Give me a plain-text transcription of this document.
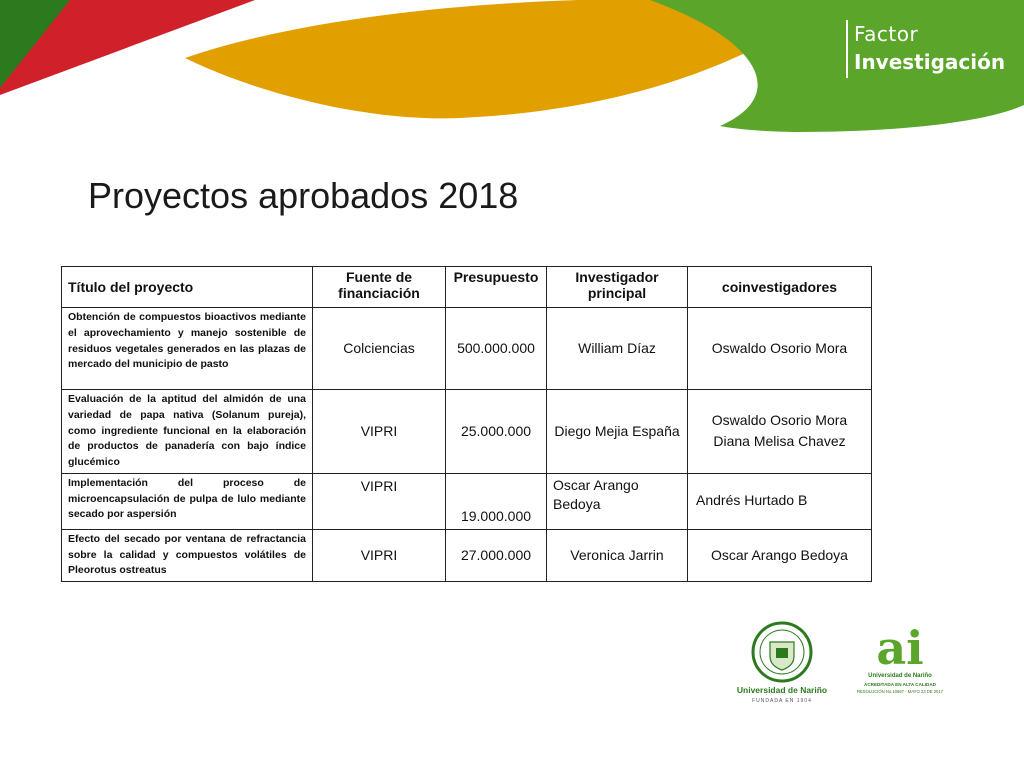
Factor
Investigación
Proyectos aprobados 2018
Título del proyecto	Fuente de financiación	Presupuesto	Investigador principal	coinvestigadores
Obtención de compuestos bioactivos mediante el aprovechamiento y manejo sostenible de residuos vegetales generados en las plazas de mercado del municipio de pasto	Colciencias	500.000.000	William Díaz	Oswaldo Osorio Mora

Evaluación de la aptitud del almidón de una variedad de papa nativa (Solanum pureja), como ingrediente funcional en la elaboración de productos de panadería con bajo índice glucémico	VIPRI	25.000.000	Diego Mejia España	Oswaldo Osorio Mora
Diana Melisa Chavez

Implementación del proceso de microencapsulación de pulpa de lulo mediante secado por aspersión	VIPRI	19.000.000	Oscar Arango Bedoya	Andrés Hurtado B

Efecto del secado por ventana de refractancia sobre la calidad y compuestos volátiles de Pleorotus ostreatus	VIPRI	27.000.000	Veronica Jarrin	Oscar Arango Bedoya
Universidad de Nariño
FUNDADA EN 1904
ai
Universidad de Nariño
ACREDITADA EN ALTA CALIDAD
RESOLUCIÓN No.10567 - MAYO 23 DE 2017
